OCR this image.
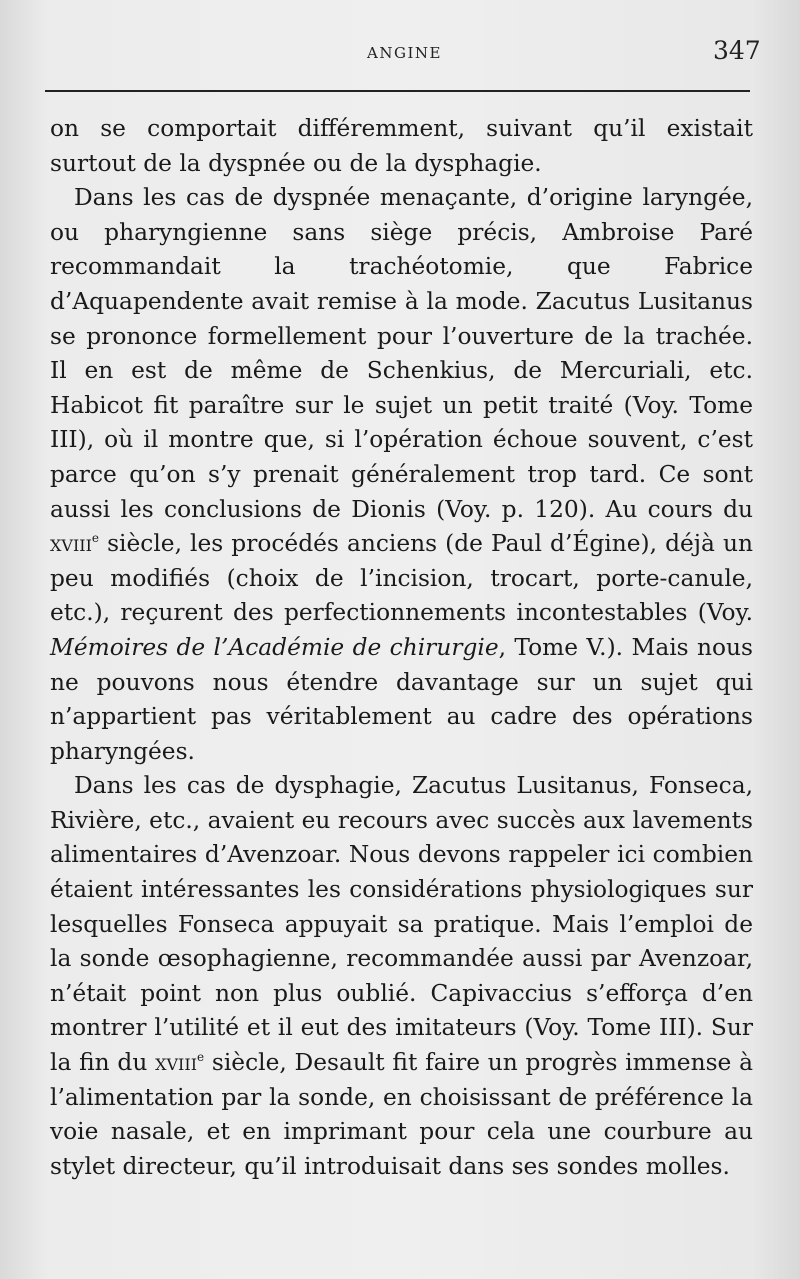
ANGINE	347

on se comportait différemment, suivant qu’il existait surtout de la dyspnée ou de la dysphagie.

Dans les cas de dyspnée menaçante, d’origine laryngée, ou pharyngienne sans siège précis, Ambroise Paré recommandait la trachéotomie, que Fabrice d’Aquapendente avait remise à la mode. Zacutus Lusitanus se prononce formellement pour l’ouverture de la trachée. Il en est de même de Schenkius, de Mercuriali, etc. Habicot fit paraître sur le sujet un petit traité (Voy. Tome III), où il montre que, si l’opération échoue souvent, c’est parce qu’on s’y prenait généralement trop tard. Ce sont aussi les conclusions de Dionis (Voy. p. 120). Au cours du xviii$^e$ siècle, les procédés anciens (de Paul d’Égine), déjà un peu modifiés (choix de l’incision, trocart, porte-canule, etc.), reçurent des perfectionnements incontestables (Voy. Mémoires de l’Académie de chirurgie, Tome V.). Mais nous ne pouvons nous étendre davantage sur un sujet qui n’appartient pas véritablement au cadre des opérations pharyngées.

Dans les cas de dysphagie, Zacutus Lusitanus, Fonseca, Rivière, etc., avaient eu recours avec succès aux lavements alimentaires d’Avenzoar. Nous devons rappeler ici combien étaient intéressantes les considérations physiologiques sur lesquelles Fonseca appuyait sa pratique. Mais l’emploi de la sonde œsophagienne, recommandée aussi par Avenzoar, n’était point non plus oublié. Capivaccius s’efforça d’en montrer l’utilité et il eut des imitateurs (Voy. Tome III). Sur la fin du xviii$^e$ siècle, Desault fit faire un progrès immense à l’alimentation par la sonde, en choisissant de préférence la voie nasale, et en imprimant pour cela une courbure au stylet directeur, qu’il introduisait dans ses sondes molles.
